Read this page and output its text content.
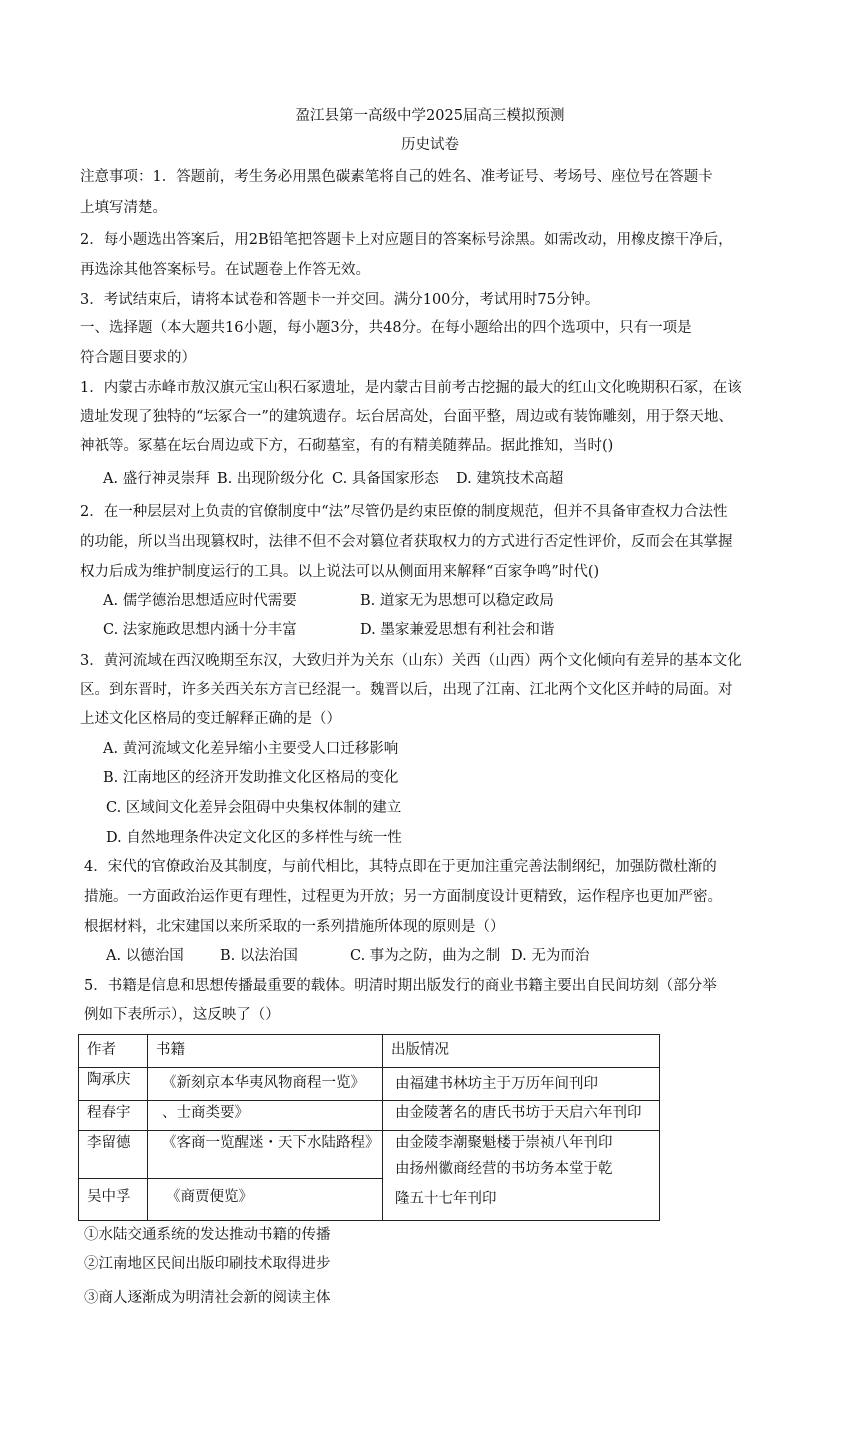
盈江县第一高级中学2025届高三模拟预测
历史试卷
注意事项：1．答题前，考生务必用黑色碳素笔将自己的姓名、准考证号、考场号、座位号在答题卡
上填写清楚。
2．每小题选出答案后，用2B铅笔把答题卡上对应题目的答案标号涂黑。如需改动，用橡皮擦干净后，
再选涂其他答案标号。在试题卷上作答无效。
3．考试结束后，请将本试卷和答题卡一并交回。满分100分，考试用时75分钟。
一、选择题（本大题共16小题，每小题3分，共48分。在每小题给出的四个选项中，只有一项是
符合题目要求的）
1．内蒙古赤峰市敖汉旗元宝山积石冢遗址，是内蒙古目前考古挖掘的最大的红山文化晚期积石冢，在该
遗址发现了独特的“坛冢合一”的建筑遗存。坛台居高处，台面平整，周边或有装饰雕刻，用于祭天地、
神祇等。冢墓在坛台周边或下方，石砌墓室，有的有精美随葬品。据此推知，当时()
A. 盛行神灵崇拜 B. 出现阶级分化 C. 具备国家形态 D. 建筑技术高超
2．在一种层层对上负责的官僚制度中“法”尽管仍是约束臣僚的制度规范，但并不具备审查权力合法性
的功能，所以当出现篡权时，法律不但不会对篡位者获取权力的方式进行否定性评价，反而会在其掌握
权力后成为维护制度运行的工具。以上说法可以从侧面用来解释“百家争鸣”时代()
A. 儒学德治思想适应时代需要	B. 道家无为思想可以稳定政局
C. 法家施政思想内涵十分丰富	D. 墨家兼爱思想有利社会和谐
3．黄河流域在西汉晚期至东汉，大致归并为关东（山东）关西（山西）两个文化倾向有差异的基本文化
区。到东晋时，许多关西关东方言已经混一。魏晋以后，出现了江南、江北两个文化区并峙的局面。对
上述文化区格局的变迁解释正确的是（）
A. 黄河流域文化差异缩小主要受人口迁移影响
B. 江南地区的经济开发助推文化区格局的变化
C. 区域间文化差异会阻碍中央集权体制的建立
D. 自然地理条件决定文化区的多样性与统一性
4．宋代的官僚政治及其制度，与前代相比，其特点即在于更加注重完善法制纲纪，加强防微杜渐的
措施。一方面政治运作更有理性，过程更为开放；另一方面制度设计更精致，运作程序也更加严密。
根据材料，北宋建国以来所采取的一系列措施所体现的原则是（）
A. 以德治国	B. 以法治国	C. 事为之防，曲为之制 D. 无为而治
5．书籍是信息和思想传播最重要的载体。明清时期出版发行的商业书籍主要出自民间坊刻（部分举
例如下表所示），这反映了（）
作者	书籍	出版情况
陶承庆	《新刻京本华夷风物商程一览》	由福建书林坊主于万历年间刊印
程春宇	、士商类要》	由金陵著名的唐氏书坊于天启六年刊印
李留德	《客商一览醒迷・天下水陆路程》	由金陵李潮聚魁楼于崇祯八年刊印
吴中孚	《商贾便览》	由扬州徽商经营的书坊务本堂于乾
隆五十七年刊印
①水陆交通系统的发达推动书籍的传播
②江南地区民间出版印刷技术取得进步
③商人逐渐成为明清社会新的阅读主体
